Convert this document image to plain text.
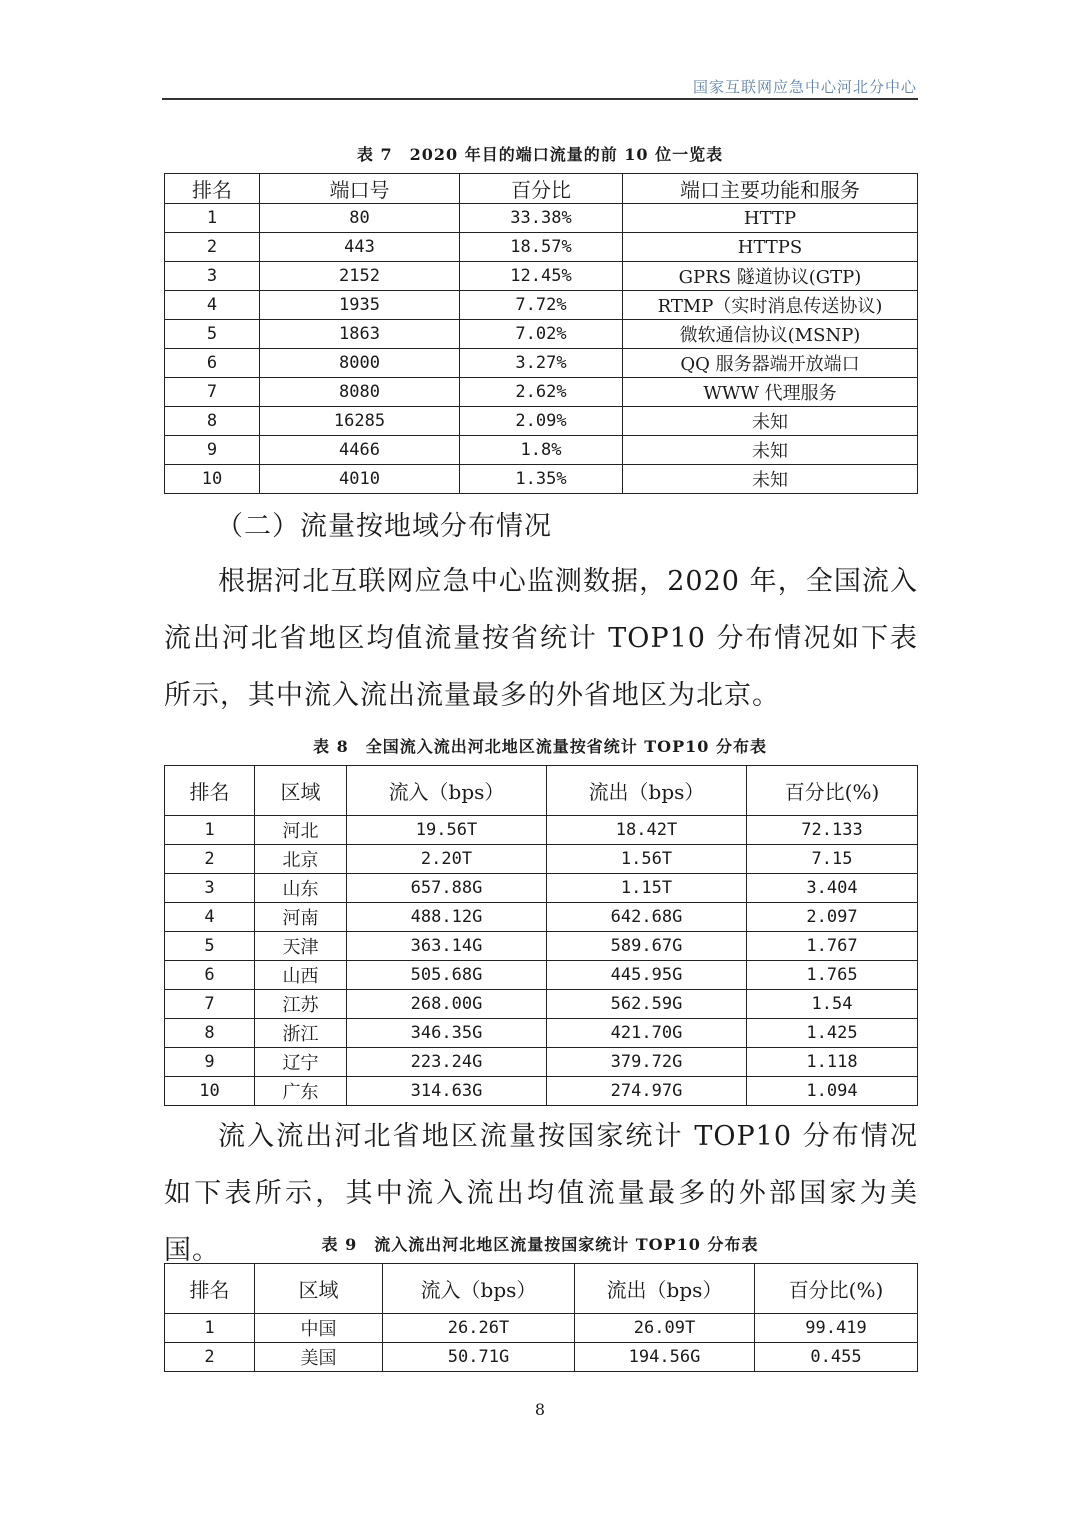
国家互联网应急中心河北分中心
表 7　2020 年目的端口流量的前 10 位一览表
排名	端口号	百分比	端口主要功能和服务
1	80	33.38%	HTTP
2	443	18.57%	HTTPS
3	2152	12.45%	GPRS 隧道协议(GTP)
4	1935	7.72%	RTMP（实时消息传送协议)
5	1863	7.02%	微软通信协议(MSNP)
6	8000	3.27%	QQ 服务器端开放端口
7	8080	2.62%	WWW 代理服务
8	16285	2.09%	未知
9	4466	1.8%	未知
10	4010	1.35%	未知
（二）流量按地域分布情况
根据河北互联网应急中心监测数据，2020 年，全国流入流出河北省地区均值流量按省统计 TOP10 分布情况如下表所示，其中流入流出流量最多的外省地区为北京。
表 8　全国流入流出河北地区流量按省统计 TOP10 分布表
排名	区域	流入（bps）	流出（bps）	百分比(%)
1	河北	19.56T	18.42T	72.133
2	北京	2.20T	1.56T	7.15
3	山东	657.88G	1.15T	3.404
4	河南	488.12G	642.68G	2.097
5	天津	363.14G	589.67G	1.767
6	山西	505.68G	445.95G	1.765
7	江苏	268.00G	562.59G	1.54
8	浙江	346.35G	421.70G	1.425
9	辽宁	223.24G	379.72G	1.118
10	广东	314.63G	274.97G	1.094
流入流出河北省地区流量按国家统计 TOP10 分布情况如下表所示，其中流入流出均值流量最多的外部国家为美国。	表 9　流入流出河北地区流量按国家统计 TOP10 分布表
排名	区域	流入（bps）	流出（bps）	百分比(%)
1	中国	26.26T	26.09T	99.419
2	美国	50.71G	194.56G	0.455
8
